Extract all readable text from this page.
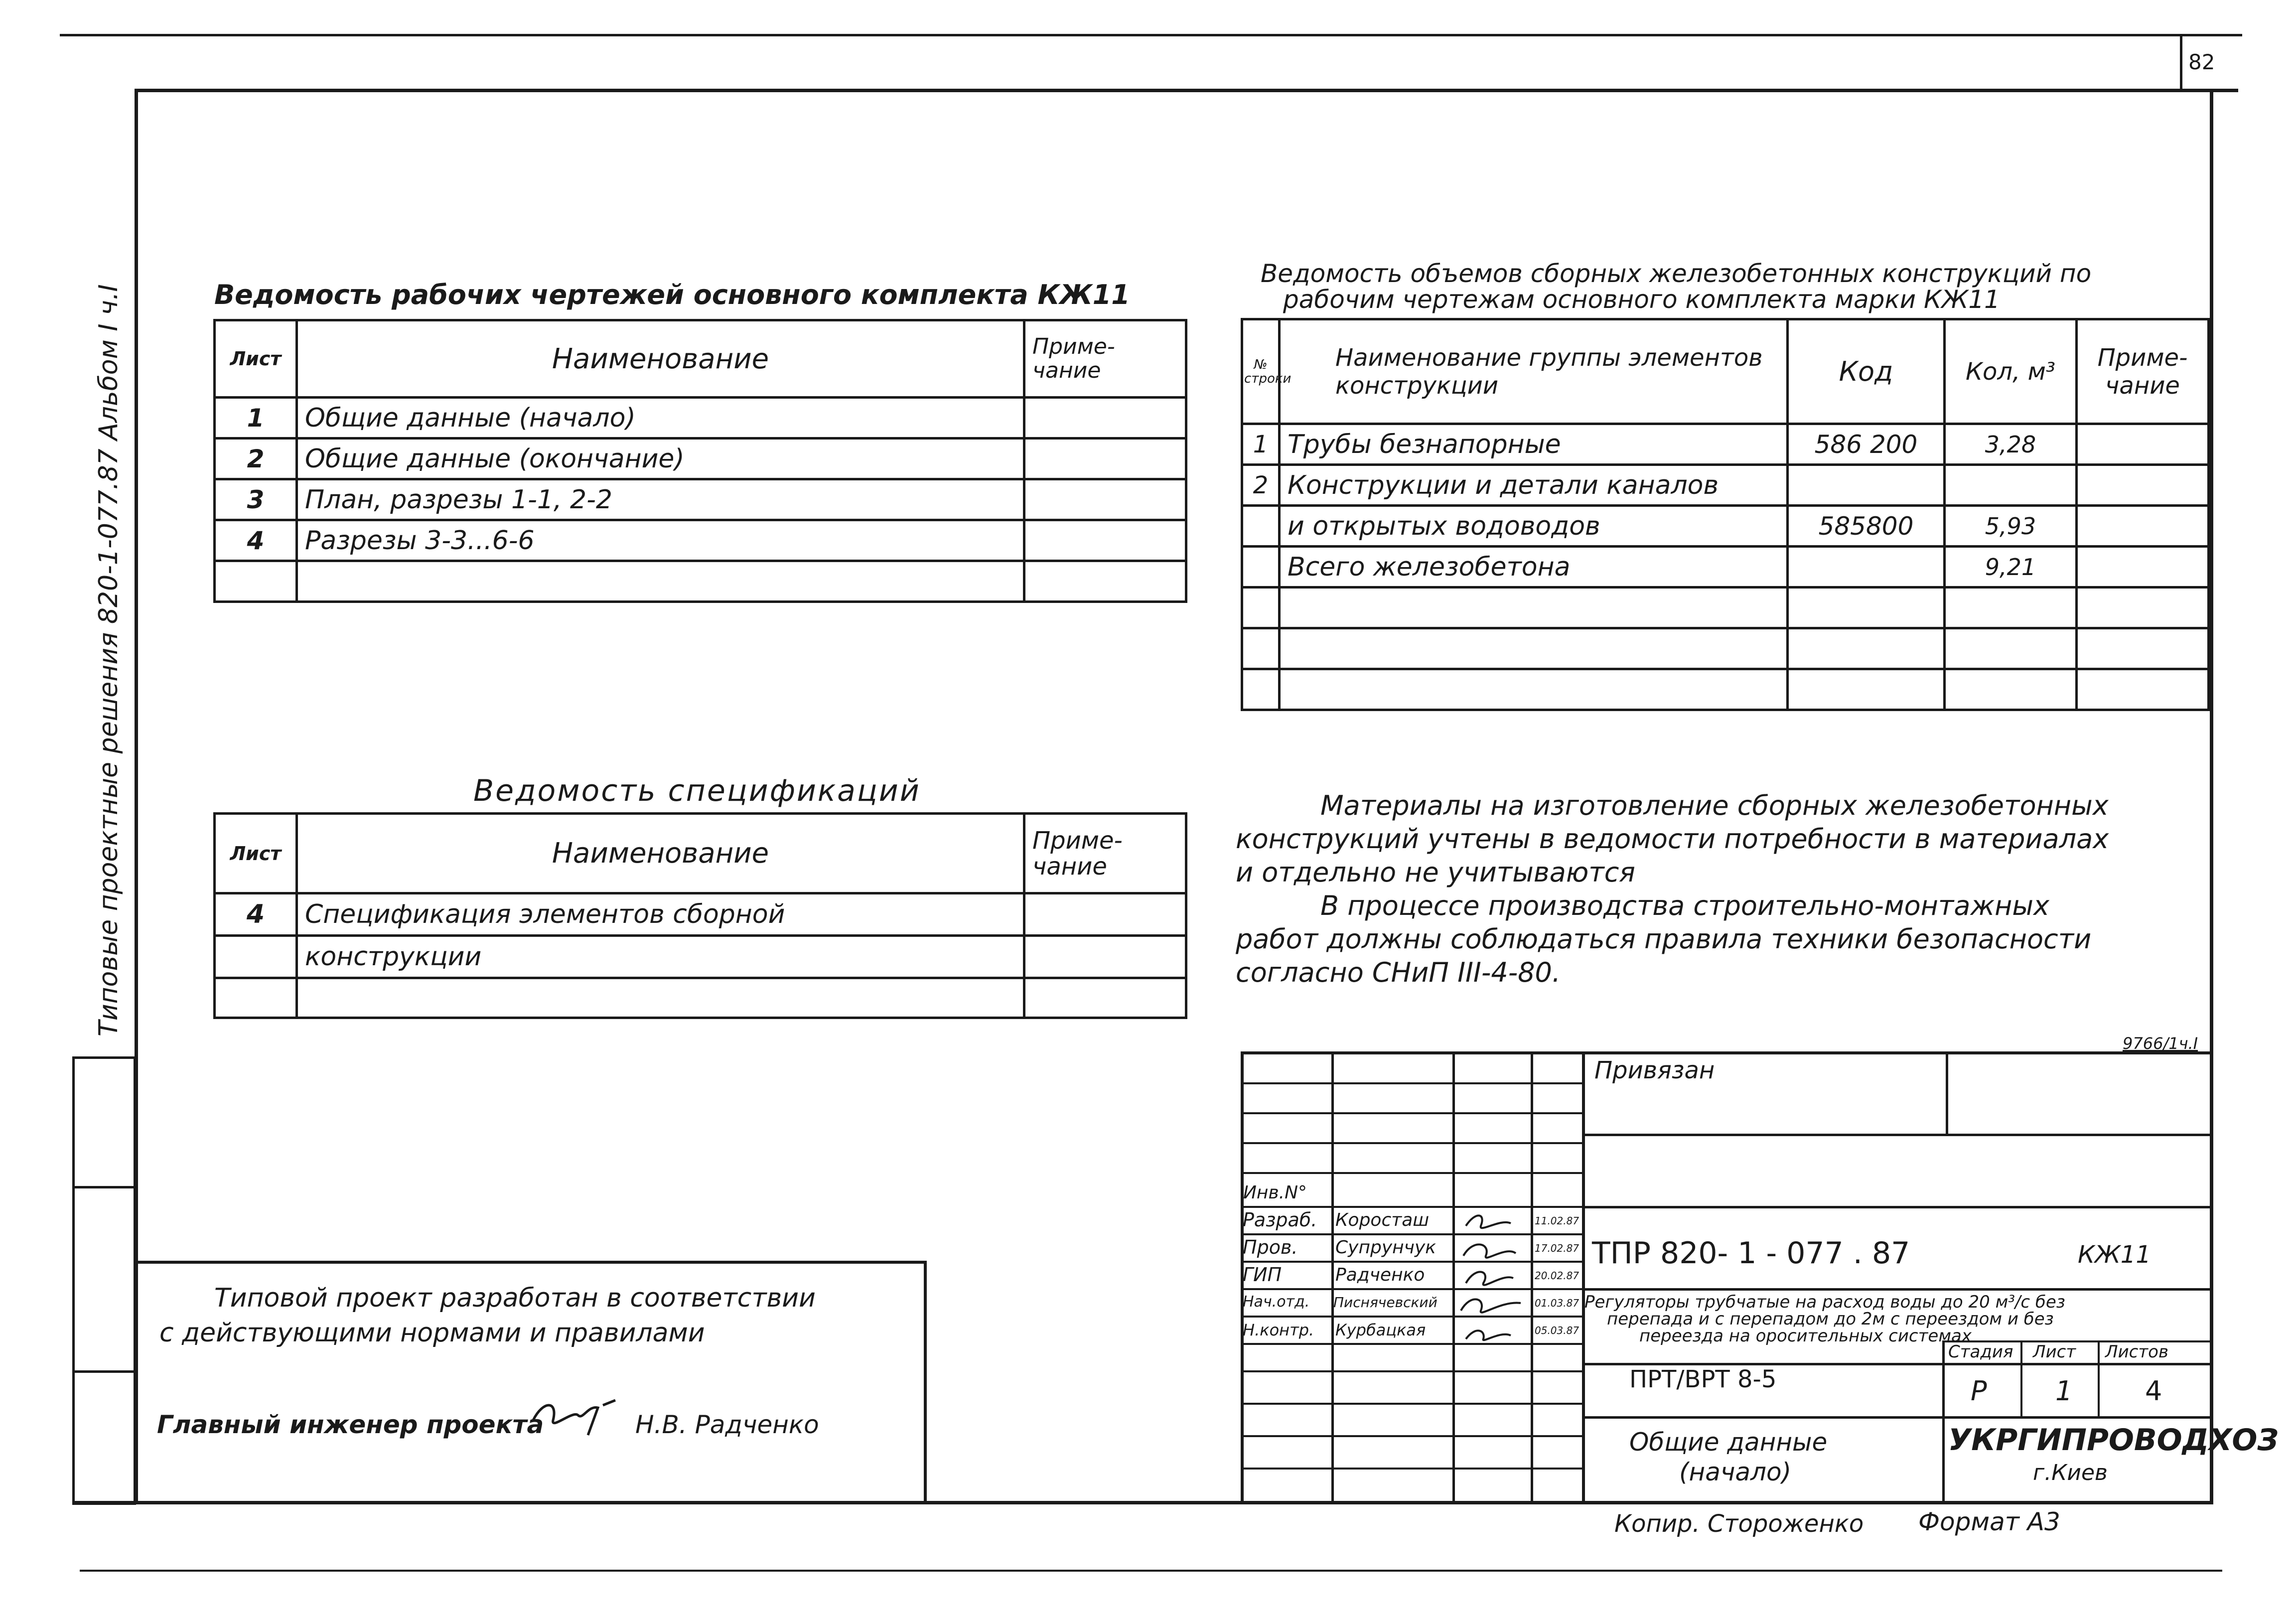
82
Типовые проектные решения 820-1-077.87 Альбом I ч.I	Ведомость рабочих чертежей основного комплекта КЖ11
Лист	Наименование	Приме- чание
1	Общие данные (начало)	
2	Общие данные (окончание)	
3	План, разрезы 1-1, 2-2	
4	Разрезы 3-3...6-6	

Ведомость объемов сборных железобетонных конструкций по
рабочим чертежам основного комплекта марки КЖ11
№ строки	Наименование группы элементов конструкции	Код	Кол, м³	Приме- чание
1	Трубы безнапорные	586 200	3,28	
2	Конструкции и детали каналов			
	и открытых водоводов	585800	5,93	
	Всего железобетона		9,21	

Ведомость спецификаций
Лист	Наименование	Приме- чание
4	Спецификация элементов сборной	
	конструкции	

Материалы на изготовление сборных железобетонных
конструкций учтены в ведомости потребности в материалах
и отдельно не учитываются
В процессе производства строительно-монтажных
работ должны соблюдаться правила техники безопасности
согласно СНиП III-4-80.
9766/1ч.I
Типовой проект разработан в соответствии
с действующими нормами и правилами
Главный инженер проекта	Н.В. Радченко
Привязан
Инв.N°
Разраб. Короcташ	11.02.87
Пров. Супрунчук	17.02.87
ГИП	Радченко	20.02.87
Нач.отд. Писнячевский	01.03.87
Н.контр. Курбацкая	05.03.87
ТПР 820- 1 - 077 . 87	КЖ11
Регуляторы трубчатые на расход воды до 20 м³/с без
перепада и с перепадом до 2м с переездом и без
переезда на оросительных системах
ПРТ/ВРТ 8-5
Стадия Лист Листов
Р	1	4
Общие данные
(начало)
УКРГИПРОВОДХОЗ
г.Киев
Копир. Стороженко Формат А3
